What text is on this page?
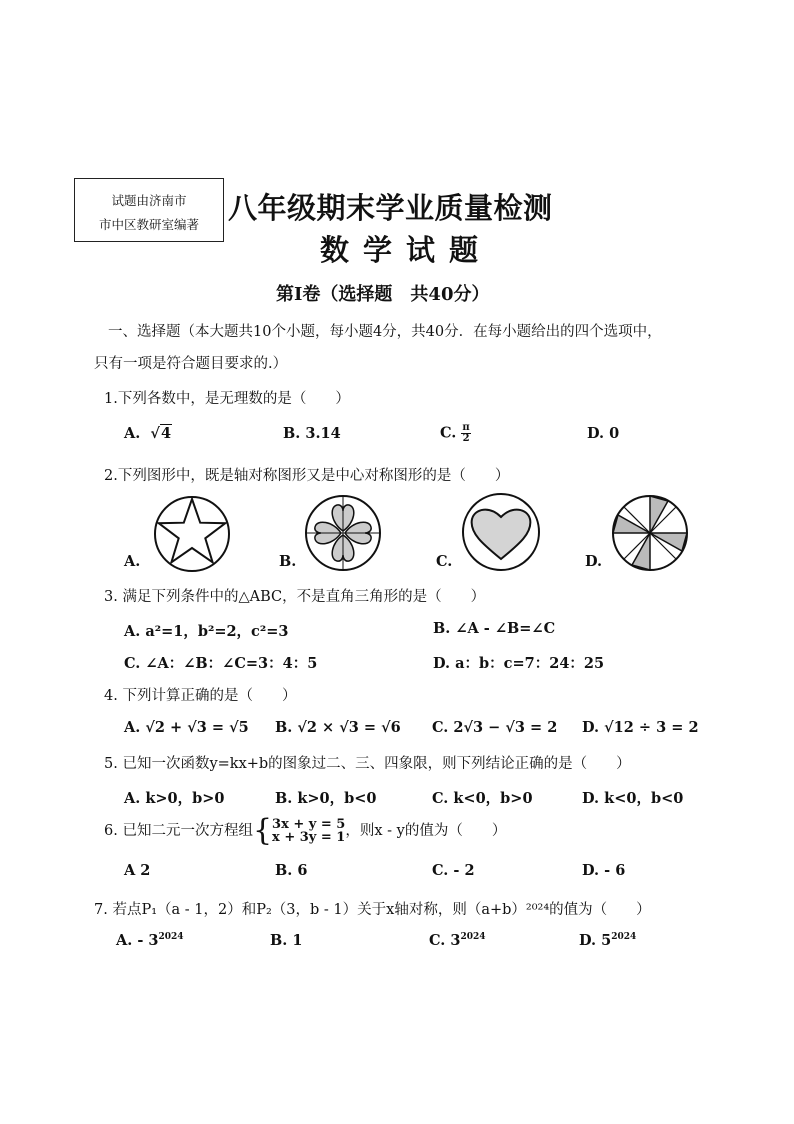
试题由济南市
市中区教研室编著	八年级期末学业质量检测
数学试题
第I卷（选择题　共40分）
一、选择题（本大题共10个小题，每小题4分，共40分．在每小题给出的四个选项中，
只有一项是符合题目要求的.）
1.下列各数中，是无理数的是（　　）
A.  √4	B. 3.14	C. $\frac{\pi}{2}$	D. 0
2.下列图形中，既是轴对称图形又是中心对称图形的是（　　）
A.	B.	C.	D.
3. 满足下列条件中的△ABC，不是直角三角形的是（　　）
A. a²=1，b²=2，c²=3	B. ∠A - ∠B=∠C
C. ∠A：∠B：∠C=3：4：5	D. a：b：c=7：24：25
4. 下列计算正确的是（　　）
A. √2 + √3 = √5 B. √2 × √3 = √6 C. 2√3 − √3 = 2 D. √12 ÷ 3 = 2
5. 已知一次函数y=kx+b的图象过二、三、四象限，则下列结论正确的是（　　）
A. k>0，b>0	B. k>0，b<0	C. k<0，b>0	D. k<0，b<0
6. 已知二元一次方程组{ 3x + y = 5
x + 3y = 1 ，则x - y的值为（　　）
A 2	B. 6	C. - 2	D. - 6
7. 若点P₁（a - 1，2）和P₂（3，b - 1）关于x轴对称，则（a+b）²⁰²⁴的值为（　　）
A. - $3^{2024}$	B. 1	C. $3^{2024}$	D. $5^{2024}$
